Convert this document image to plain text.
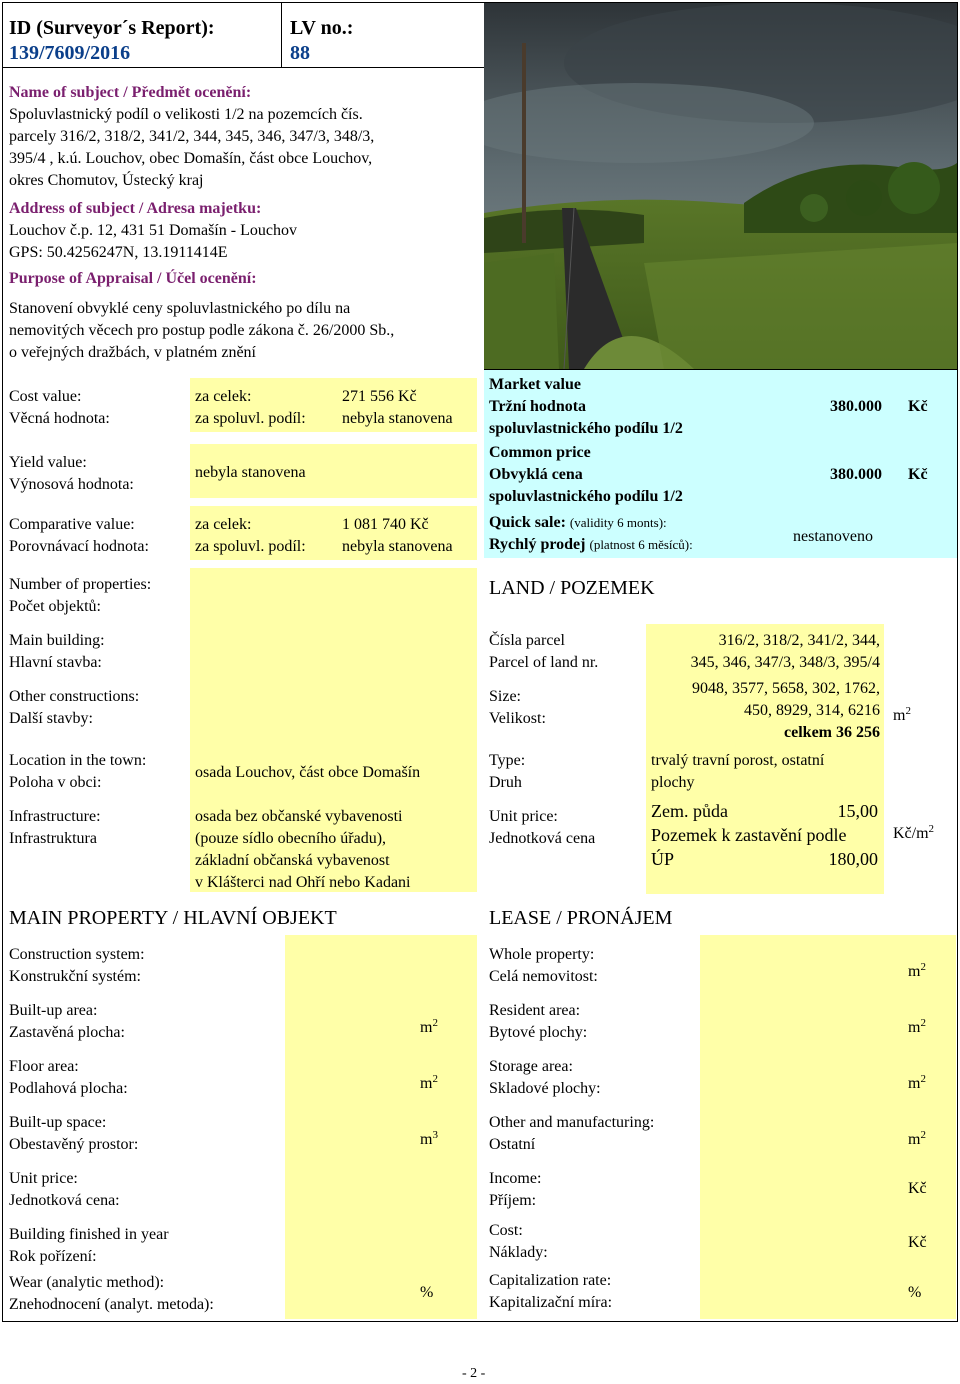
ID (Surveyor´s Report):
139/7609/2016
LV no.:
88
Name of subject / Předmět ocenění:
Spoluvlastnický podíl o velikosti 1/2 na pozemcích čís.
parcely 316/2, 318/2, 341/2, 344, 345, 346, 347/3, 348/3,
395/4 , k.ú. Louchov, obec Domašín, část obce Louchov,
okres Chomutov, Ústecký kraj
Address of subject / Adresa majetku:
Louchov č.p. 12, 431 51 Domašín - Louchov
GPS: 50.4256247N, 13.1911414E
Purpose of Appraisal / Účel ocenění:
Stanovení obvyklé ceny spoluvlastnického po dílu na
nemovitých věcech pro postup podle zákona č. 26/2000 Sb.,
o veřejných dražbách, v platném znění
Cost value:
Věcná hodnota:
za celek:	271 556 Kč
za spoluvl. podíl: nebyla stanovena
Yield value:
Výnosová hodnota:
nebyla stanovena
Comparative value:
Porovnávací hodnota:
za celek:	1 081 740 Kč
za spoluvl. podíl: nebyla stanovena
Market value
Tržní hodnota
spoluvlastnického podílu 1/2
380.000 Kč
Common price
Obvyklá cena
spoluvlastnického podílu 1/2
380.000 Kč
Quick sale: (validity 6 monts):
Rychlý prodej (platnost 6 měsíců):	nestanoveno
Number of properties:
Počet objektů:
Main building:
Hlavní stavba:
Other constructions:
Další stavby:
Location in the town:
Poloha v obci:
osada Louchov, část obce Domašín
Infrastructure:
Infrastruktura
osada bez občanské vybavenosti
(pouze sídlo obecního úřadu),
základní občanská vybavenost
v Klášterci nad Ohří nebo Kadani
LAND / POZEMEK
Čísla parcel
Parcel of land nr.
316/2, 318/2, 341/2, 344,
345, 346, 347/3, 348/3, 395/4
Size:
Velikost:
9048, 3577, 5658, 302, 1762,
450, 8929, 314, 6216
celkem 36 256
$m^2$
Type:
Druh
trvalý travní porost, ostatní
plochy
Unit price:
Jednotková cena
Zem. půda	15,00
Pozemek k zastavění podle
ÚP	180,00
$Kč/m^2$
MAIN PROPERTY / HLAVNÍ OBJEKT
Construction system:
Konstrukční systém:
Built-up area:
Zastavěná plocha:	$m^2$
Floor area:
Podlahová plocha:	$m^2$
Built-up space:
Obestavěný prostor:	$m^3$
Unit price:
Jednotková cena:
Building finished in year
Rok pořízení:
Wear (analytic method):
Znehodnocení (analyt. metoda):
%
LEASE / PRONÁJEM
Whole property:
Celá nemovitost:	$m^2$
Resident area:
Bytové plochy:	$m^2$
Storage area:
Skladové plochy:	$m^2$
Other and manufacturing:
Ostatní	$m^2$
Income:
Příjem:
Kč
Cost:
Náklady:
Kč
Capitalization rate:
Kapitalizační míra:
%
- 2 -
